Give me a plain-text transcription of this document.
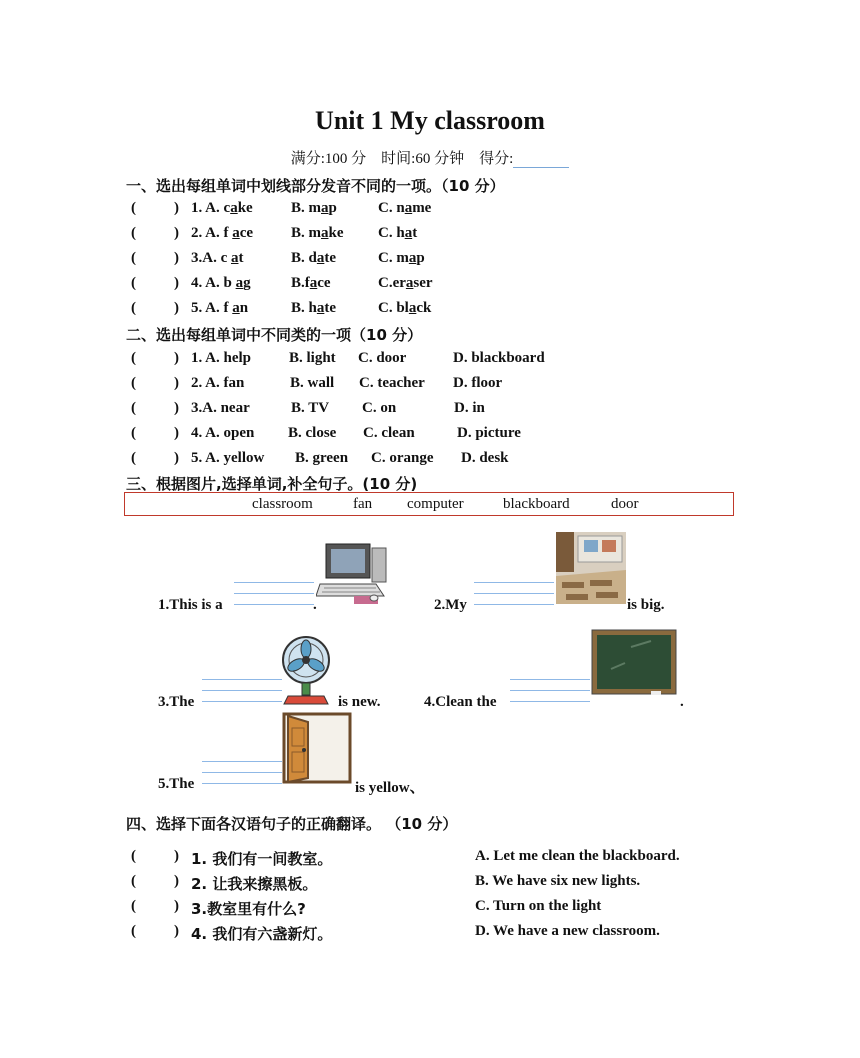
Unit 1 My classroom
满分:100 分 时间:60 分钟 得分:
一、选出每组单词中划线部分发音不同的一项。（10 分）
(	) 1. A. cake	B. map	C. name
(	) 2. A. f ace	B. make C. hat
(	) 3.A. c at	B. date	C. map
(	) 4. A. b ag	B.face	C.eraser
(	) 5. A. f an	B. hate	C. black
二、选出每组单词中不同类的一项（10 分）
(	) 1. A. help	B. light C. door	D. blackboard
(	) 2. A. fan	B. wall C. teacher D. floor
(	) 3.A. near	B. TV C. on	D. in
(	) 4. A. open B. close C. clean	D. picture
(	) 5. A. yellow B. green C. orange D. desk
三、根据图片,选择单词,补全句子。(10 分)
classroom	fan computer	blackboard	door
1.This is a	.	2.My	is big.
3.The	is new.	4.Clean the	.
5.The	is yellow、
四、选择下面各汉语句子的正确翻译。 （10 分）
(	) 1. 我们有一间教室。	A. Let me clean the blackboard.
(	) 2. 让我来擦黑板。	B. We have six new lights.
(	) 3.教室里有什么?	C. Turn on the light
(	) 4. 我们有六盏新灯。	D. We have a new classroom.
